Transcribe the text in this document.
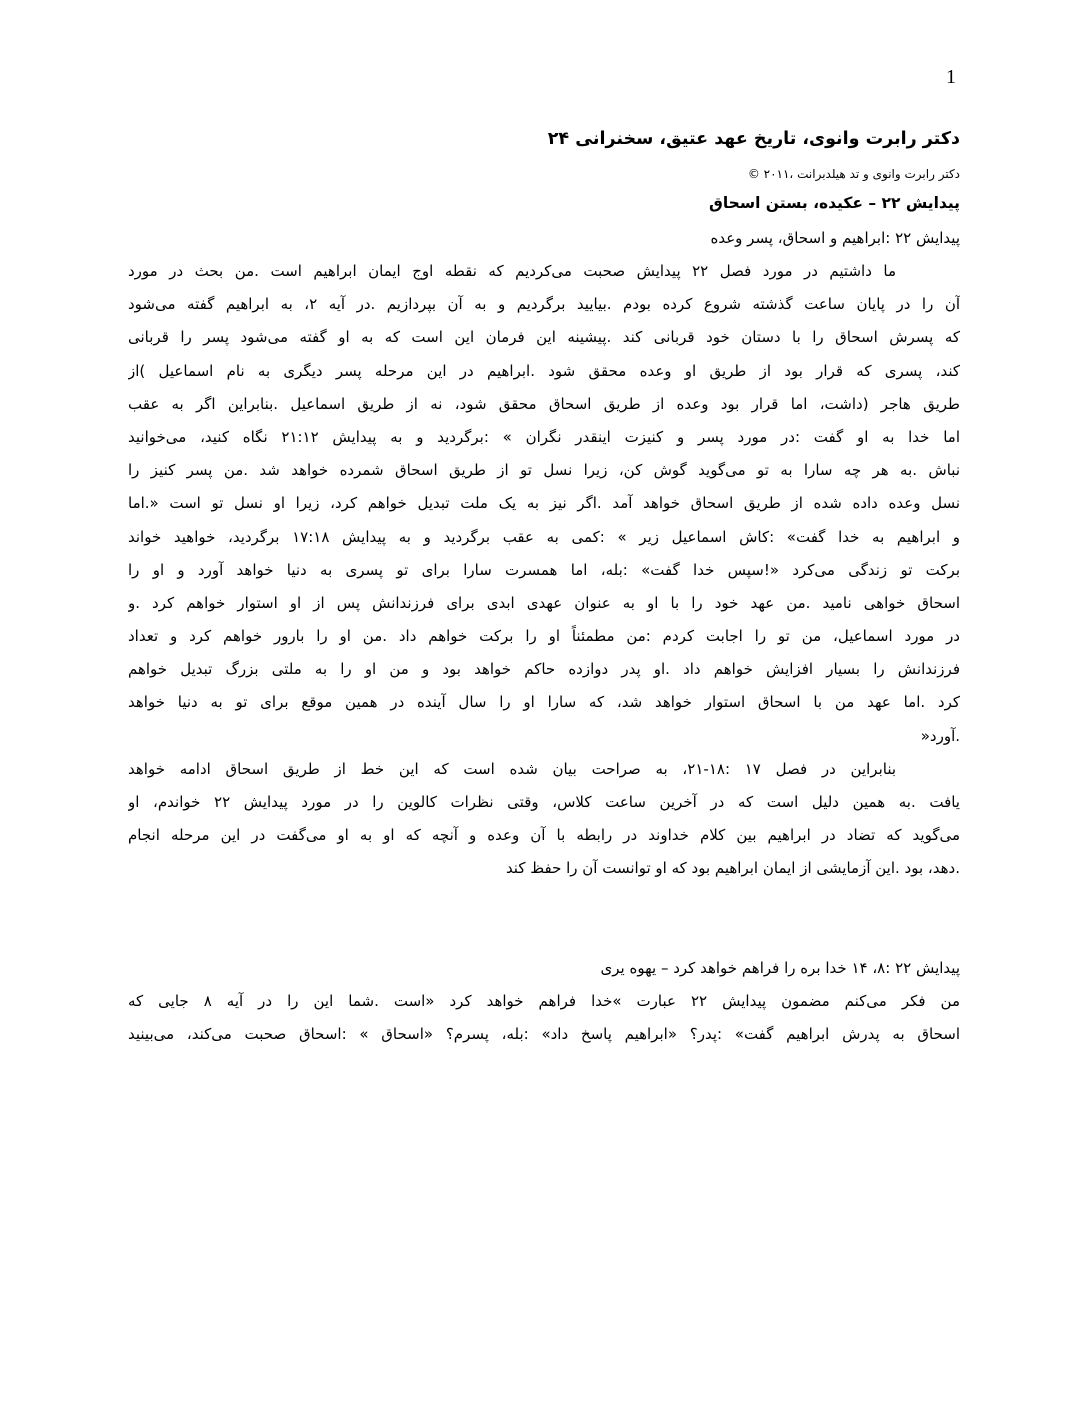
1
دکتر رابرت وانوی، تاریخ عهد عتیق، سخنرانی ۲۴
دکتر رابرت وانوی و تد هیلدبرانت ،۲۰۱۱ ©
پیدایش ۲۲ – عکیده، بستن اسحاق
پیدایش ۲۲ :ابراهیم و اسحاق، پسر وعده
ما داشتیم در مورد فصل ۲۲ پیدایش صحبت می‌کردیم که نقطه اوج ایمان ابراهیم است .من بحث در مورد
آن را در پایان ساعت گذشته شروع کرده بودم .بیایید برگردیم و به آن بپردازیم .در آیه ۲، به ابراهیم گفته می‌شود
که پسرش اسحاق را با دستان خود قربانی کند .پیشینه این فرمان این است که به او گفته می‌شود پسر را قربانی
کند، پسری که قرار بود از طریق او وعده محقق شود .ابراهیم در این مرحله پسر دیگری به نام اسماعیل )از
طریق هاجر (داشت، اما قرار بود وعده از طریق اسحاق محقق شود، نه از طریق اسماعیل .بنابراین اگر به عقب
اما خدا به او گفت :در مورد پسر و کنیزت اینقدر نگران » :برگردید و به پیدایش ۲۱:۱۲ نگاه کنید، می‌خوانید
نباش .به هر چه سارا به تو می‌گوید گوش کن، زیرا نسل تو از طریق اسحاق شمرده خواهد شد .من پسر کنیز را
نسل وعده داده شده از طریق اسحاق خواهد آمد .اگر نیز به یک ملت تبدیل خواهم کرد، زیرا او نسل تو است «.اما
و ابراهیم به خدا گفت» :کاش اسماعیل زیر » :کمی به عقب برگردید و به پیدایش ۱۷:۱۸ برگردید، خواهید خواند
برکت تو زندگی می‌کرد «!سپس خدا گفت» :بله، اما همسرت سارا برای تو پسری به دنیا خواهد آورد و او را
اسحاق خواهی نامید .من عهد خود را با او به عنوان عهدی ابدی برای فرزندانش پس از او استوار خواهم کرد .و
در مورد اسماعیل، من تو را اجابت کردم :من مطمئناً او را برکت خواهم داد .من او را بارور خواهم کرد و تعداد
فرزندانش را بسیار افزایش خواهم داد .او پدر دوازده حاکم خواهد بود و من او را به ملتی بزرگ تبدیل خواهم
کرد .اما عهد من با اسحاق استوار خواهد شد، که سارا او را سال آینده در همین موقع برای تو به دنیا خواهد
.آورد«
بنابراین در فصل ۱۷ :۱۸-۲۱، به صراحت بیان شده است که این خط از طریق اسحاق ادامه خواهد
یافت .به همین دلیل است که در آخرین ساعت کلاس، وقتی نظرات کالوین را در مورد پیدایش ۲۲ خواندم، او
می‌گوید که تضاد در ابراهیم بین کلام خداوند در رابطه با آن وعده و آنچه که او به او می‌گفت در این مرحله انجام
.دهد، بود .این آزمایشی از ایمان ابراهیم بود که او توانست آن را حفظ کند
پیدایش ۲۲ :۸، ۱۴ خدا بره را فراهم خواهد کرد – یهوه یری
من فکر می‌کنم مضمون پیدایش ۲۲ عبارت »خدا فراهم خواهد کرد «است .شما این را در آیه ۸ جایی که
اسحاق به پدرش ابراهیم گفت» :پدر؟ «ابراهیم پاسخ داد» :بله، پسرم؟ «اسحاق » :اسحاق صحبت می‌کند، می‌بینید
